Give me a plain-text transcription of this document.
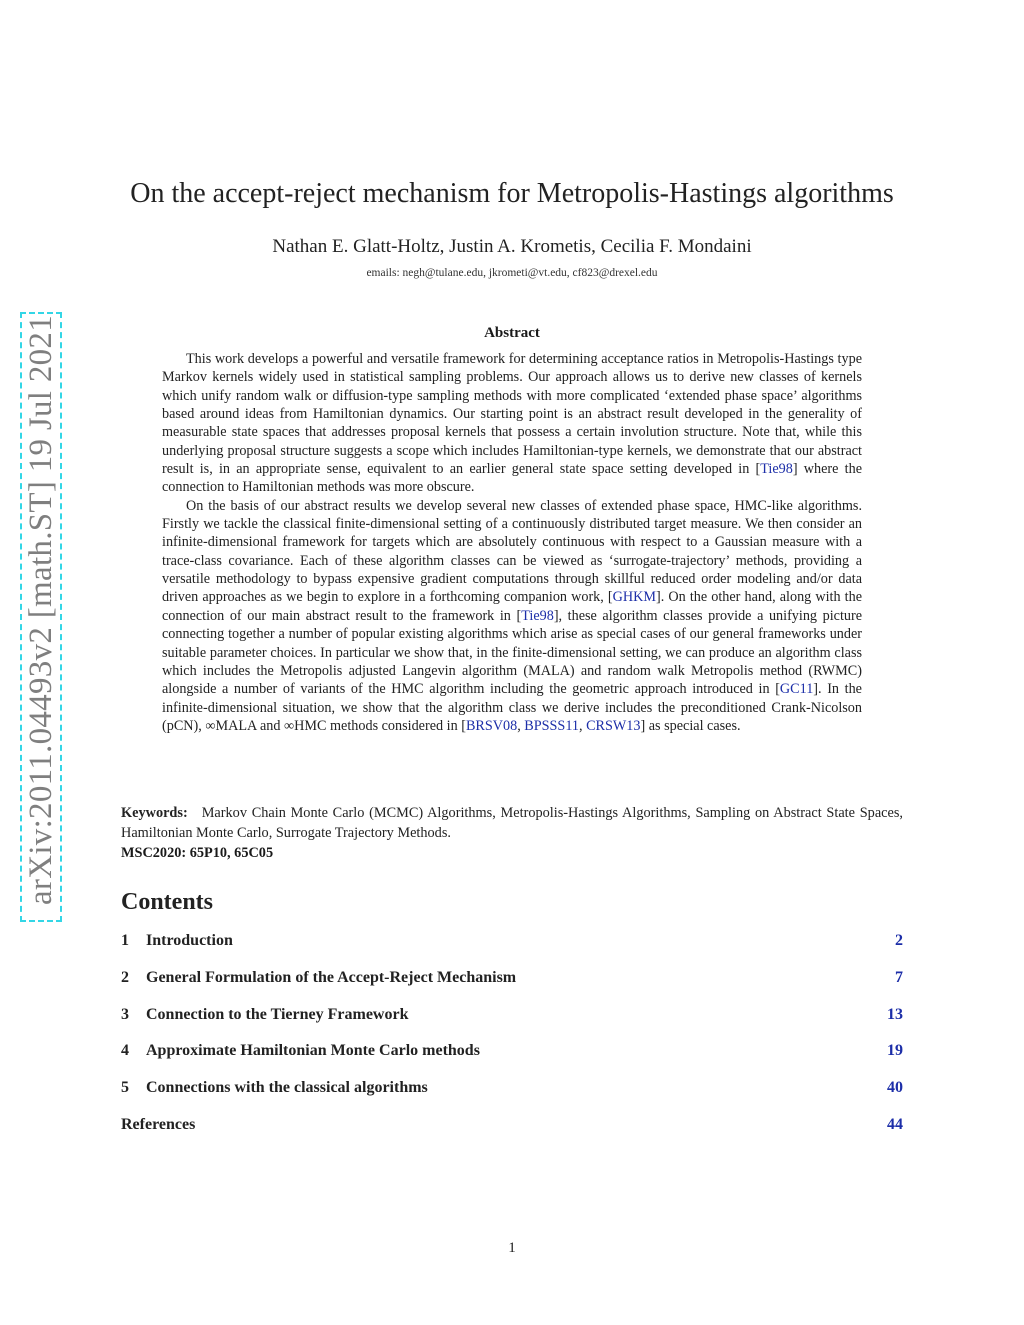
arXiv:2011.04493v2 [math.ST] 19 Jul 2021
On the accept-reject mechanism for Metropolis-Hastings algorithms
Nathan E. Glatt-Holtz, Justin A. Krometis, Cecilia F. Mondaini
emails: negh@tulane.edu, jkrometi@vt.edu, cf823@drexel.edu
Abstract

This work develops a powerful and versatile framework for determining acceptance ratios in Metropolis-Hastings type Markov kernels widely used in statistical sampling problems. Our approach allows us to derive new classes of kernels which unify random walk or diffusion-type sampling methods with more complicated ‘extended phase space’ algorithms based around ideas from Hamiltonian dynamics. Our starting point is an abstract result developed in the generality of measurable state spaces that addresses proposal kernels that possess a certain involution structure. Note that, while this underlying proposal structure suggests a scope which includes Hamiltonian-type kernels, we demonstrate that our abstract result is, in an appropriate sense, equivalent to an earlier general state space setting developed in [Tie98] where the connection to Hamiltonian methods was more obscure.

On the basis of our abstract results we develop several new classes of extended phase space, HMC-like algorithms. Firstly we tackle the classical finite-dimensional setting of a continuously distributed target measure. We then consider an infinite-dimensional framework for targets which are absolutely continuous with respect to a Gaussian measure with a trace-class covariance. Each of these algorithm classes can be viewed as ‘surrogate-trajectory’ methods, providing a versatile methodology to bypass expensive gradient computations through skillful reduced order modeling and/or data driven approaches as we begin to explore in a forthcoming companion work, [GHKM]. On the other hand, along with the connection of our main abstract result to the framework in [Tie98], these algorithm classes provide a unifying picture connecting together a number of popular existing algorithms which arise as special cases of our general frameworks under suitable parameter choices. In particular we show that, in the finite-dimensional setting, we can produce an algorithm class which includes the Metropolis adjusted Langevin algorithm (MALA) and random walk Metropolis method (RWMC) alongside a number of variants of the HMC algorithm including the geometric approach introduced in [GC11]. In the infinite-dimensional situation, we show that the algorithm class we derive includes the preconditioned Crank-Nicolson (pCN), ∞MALA and ∞HMC methods considered in [BRSV08, BPSSS11, CRSW13] as special cases.

Keywords: Markov Chain Monte Carlo (MCMC) Algorithms, Metropolis-Hastings Algorithms, Sampling on Abstract State Spaces, Hamiltonian Monte Carlo, Surrogate Trajectory Methods.
MSC2020: 65P10, 65C05
Contents
1 Introduction	2
2 General Formulation of the Accept-Reject Mechanism	7
3 Connection to the Tierney Framework	13
4 Approximate Hamiltonian Monte Carlo methods	19
5 Connections with the classical algorithms	40
References	44
1
